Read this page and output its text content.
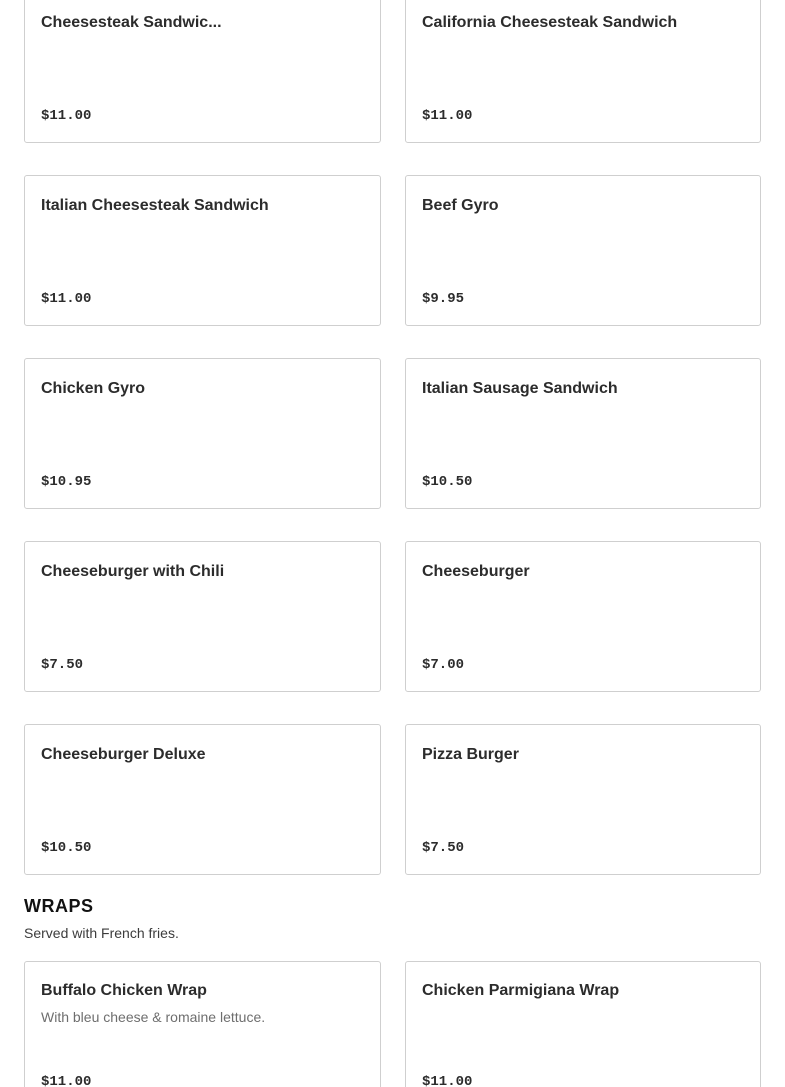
Cheesesteak Sandwic...
$11.00
California Cheesesteak Sandwich
$11.00
Italian Cheesesteak Sandwich
$11.00
Beef Gyro
$9.95
Chicken Gyro
$10.95
Italian Sausage Sandwich
$10.50
Cheeseburger with Chili
$7.50
Cheeseburger
$7.00
Cheeseburger Deluxe
$10.50
Pizza Burger
$7.50
WRAPS
Served with French fries.
Buffalo Chicken Wrap
With bleu cheese & romaine lettuce.
$11.00
Chicken Parmigiana Wrap
$11.00
